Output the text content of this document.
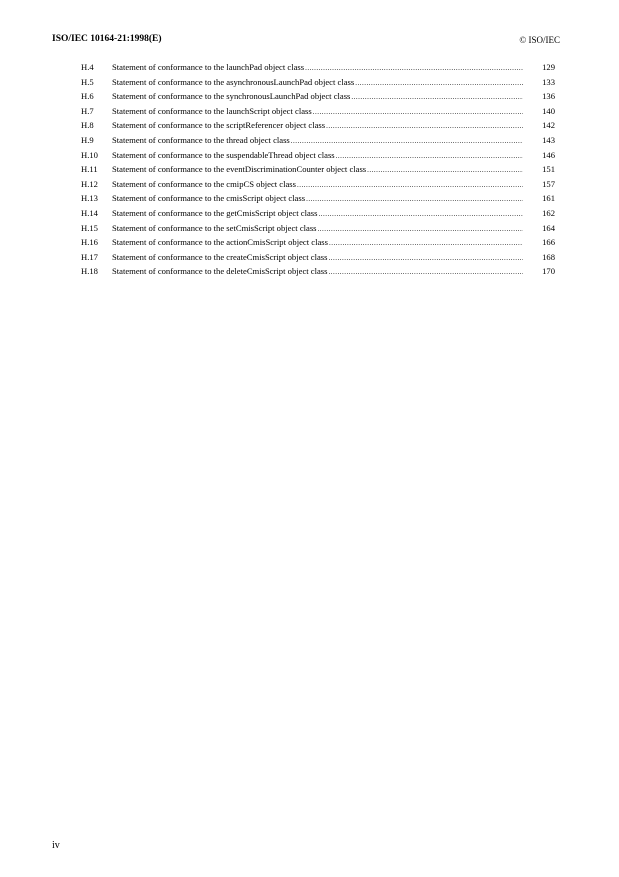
ISO/IEC 10164-21:1998(E)	© ISO/IEC
H.4	Statement of conformance to the launchPad object class .....	129
H.5	Statement of conformance to the asynchronousLaunchPad object class .....	133
H.6	Statement of conformance to the synchronousLaunchPad object class .....	136
H.7	Statement of conformance to the launchScript object class .....	140
H.8	Statement of conformance to the scriptReferencer object class .....	142
H.9	Statement of conformance to the thread object class .....	143
H.10	Statement of conformance to the suspendableThread object class .....	146
H.11	Statement of conformance to the eventDiscriminationCounter object class .....	151
H.12	Statement of conformance to the cmipCS object class .....	157
H.13	Statement of conformance to the cmisScript object class .....	161
H.14	Statement of conformance to the getCmisScript object class .....	162
H.15	Statement of conformance to the setCmisScript object class .....	164
H.16	Statement of conformance to the actionCmisScript object class .....	166
H.17	Statement of conformance to the createCmisScript object class .....	168
H.18	Statement of conformance to the deleteCmisScript object class .....	170
iv
